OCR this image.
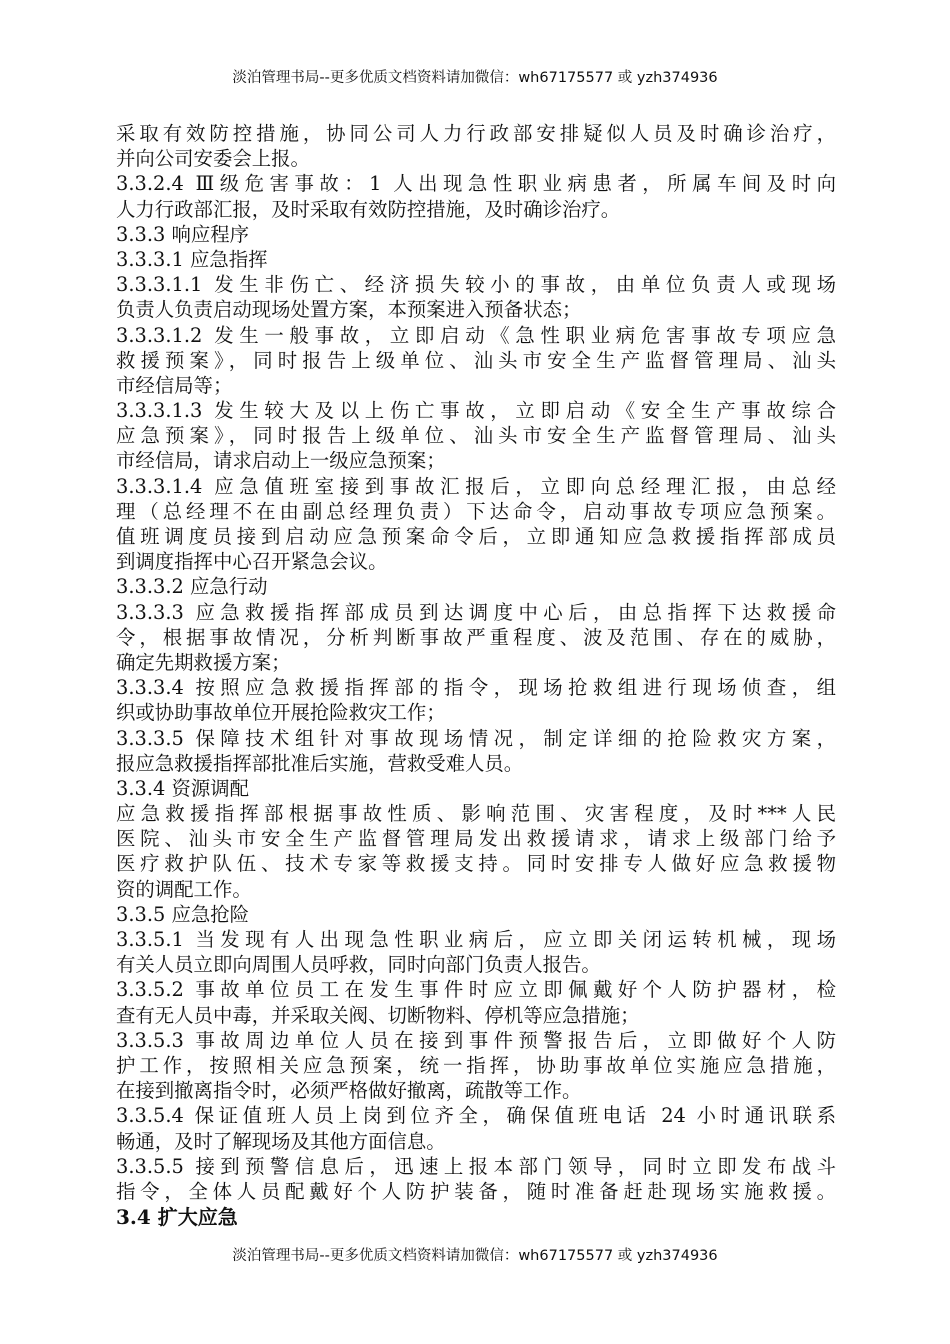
淡泊管理书局--更多优质文档资料请加微信：wh67175577 或 yzh374936
采取有效防控措施，协同公司人力行政部安排疑似人员及时确诊治疗，
并向公司安委会上报。
3.3.2.4 Ⅲ级危害事故：1 人出现急性职业病患者，所属车间及时向
人力行政部汇报，及时采取有效防控措施，及时确诊治疗。
3.3.3 响应程序
3.3.3.1 应急指挥
3.3.3.1.1 发生非伤亡、经济损失较小的事故，由单位负责人或现场
负责人负责启动现场处置方案，本预案进入预备状态；
3.3.3.1.2 发生一般事故，立即启动《急性职业病危害事故专项应急
救援预案》，同时报告上级单位、汕头市安全生产监督管理局、汕头
市经信局等；
3.3.3.1.3 发生较大及以上伤亡事故，立即启动《安全生产事故综合
应急预案》，同时报告上级单位、汕头市安全生产监督管理局、汕头
市经信局，请求启动上一级应急预案；
3.3.3.1.4 应急值班室接到事故汇报后，立即向总经理汇报，由总经
理（总经理不在由副总经理负责）下达命令，启动事故专项应急预案。
值班调度员接到启动应急预案命令后，立即通知应急救援指挥部成员
到调度指挥中心召开紧急会议。
3.3.3.2 应急行动
3.3.3.3 应急救援指挥部成员到达调度中心后，由总指挥下达救援命
令，根据事故情况，分析判断事故严重程度、波及范围、存在的威胁，
确定先期救援方案；
3.3.3.4 按照应急救援指挥部的指令，现场抢救组进行现场侦查，组
织或协助事故单位开展抢险救灾工作；
3.3.3.5 保障技术组针对事故现场情况，制定详细的抢险救灾方案，
报应急救援指挥部批准后实施，营救受难人员。
3.3.4 资源调配
应急救援指挥部根据事故性质、影响范围、灾害程度，及时***人民
医院、汕头市安全生产监督管理局发出救援请求，请求上级部门给予
医疗救护队伍、技术专家等救援支持。同时安排专人做好应急救援物
资的调配工作。
3.3.5 应急抢险
3.3.5.1 当发现有人出现急性职业病后，应立即关闭运转机械，现场
有关人员立即向周围人员呼救，同时向部门负责人报告。
3.3.5.2 事故单位员工在发生事件时应立即佩戴好个人防护器材，检
查有无人员中毒，并采取关阀、切断物料、停机等应急措施；
3.3.5.3 事故周边单位人员在接到事件预警报告后，立即做好个人防
护工作，按照相关应急预案，统一指挥，协助事故单位实施应急措施，
在接到撤离指令时，必须严格做好撤离，疏散等工作。
3.3.5.4 保证值班人员上岗到位齐全，确保值班电话 24 小时通讯联系
畅通，及时了解现场及其他方面信息。
3.3.5.5 接到预警信息后，迅速上报本部门领导，同时立即发布战斗
指令，全体人员配戴好个人防护装备，随时准备赶赴现场实施救援。
3.4 扩大应急
淡泊管理书局--更多优质文档资料请加微信：wh67175577 或 yzh374936
